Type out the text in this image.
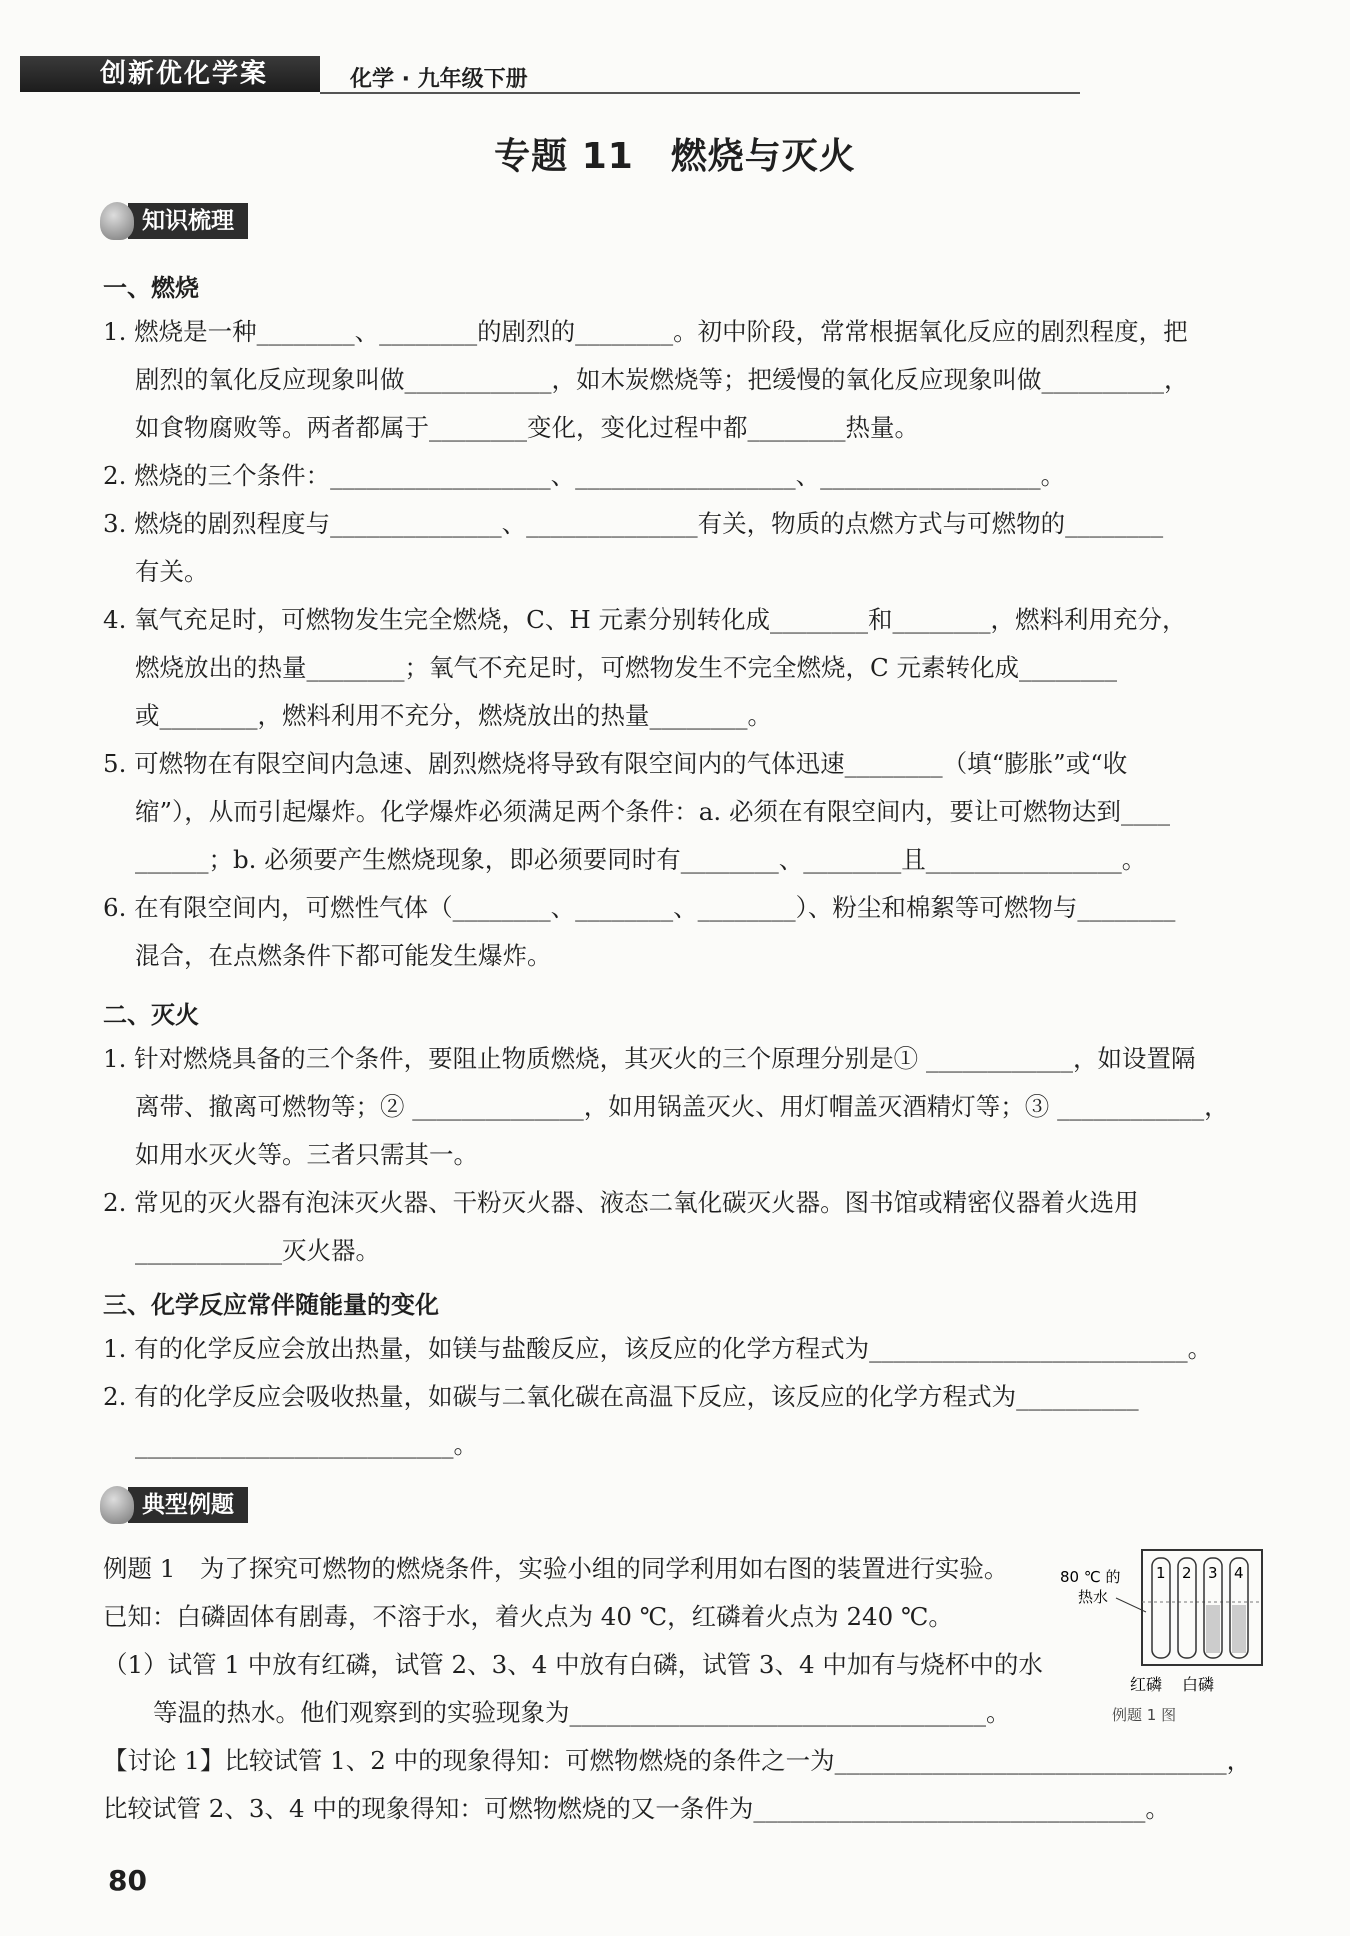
创新优化学案	化学 · 九年级下册
专题 11　燃烧与灭火
知识梳理
一、燃烧
1. 燃烧是一种________、________的剧烈的________。初中阶段，常常根据氧化反应的剧烈程度，把
剧烈的氧化反应现象叫做____________，如木炭燃烧等；把缓慢的氧化反应现象叫做__________，
如食物腐败等。两者都属于________变化，变化过程中都________热量。
2. 燃烧的三个条件：__________________、__________________、__________________。
3. 燃烧的剧烈程度与______________、______________有关，物质的点燃方式与可燃物的________
有关。
4. 氧气充足时，可燃物发生完全燃烧，C、H 元素分别转化成________和________，燃料利用充分，
燃烧放出的热量________；氧气不充足时，可燃物发生不完全燃烧，C 元素转化成________
或________，燃料利用不充分，燃烧放出的热量________。
5. 可燃物在有限空间内急速、剧烈燃烧将导致有限空间内的气体迅速________（填“膨胀”或“收
缩”），从而引起爆炸。化学爆炸必须满足两个条件：a. 必须在有限空间内，要让可燃物达到____
______；b. 必须要产生燃烧现象，即必须要同时有________、________且________________。
6. 在有限空间内，可燃性气体（________、________、________）、粉尘和棉絮等可燃物与________
混合，在点燃条件下都可能发生爆炸。
二、灭火
1. 针对燃烧具备的三个条件，要阻止物质燃烧，其灭火的三个原理分别是① ____________，如设置隔
离带、撤离可燃物等；② ______________，如用锅盖灭火、用灯帽盖灭酒精灯等；③ ____________，
如用水灭火等。三者只需其一。
2. 常见的灭火器有泡沫灭火器、干粉灭火器、液态二氧化碳灭火器。图书馆或精密仪器着火选用
____________灭火器。
三、化学反应常伴随能量的变化
1. 有的化学反应会放出热量，如镁与盐酸反应，该反应的化学方程式为__________________________。
2. 有的化学反应会吸收热量，如碳与二氧化碳在高温下反应，该反应的化学方程式为__________
__________________________。
典型例题
例题 1　为了探究可燃物的燃烧条件，实验小组的同学利用如右图的装置进行实验。
已知：白磷固体有剧毒，不溶于水，着火点为 40 ℃，红磷着火点为 240 ℃。
（1）试管 1 中放有红磷，试管 2、3、4 中放有白磷，试管 3、4 中加有与烧杯中的水
等温的热水。他们观察到的实验现象为__________________________________。
【讨论 1】比较试管 1、2 中的现象得知：可燃物燃烧的条件之一为________________________________，
比较试管 2、3、4 中的现象得知：可燃物燃烧的又一条件为________________________________。
1 2 3 4
80 ℃ 的
热水
红磷 白磷
例题 1 图
80
